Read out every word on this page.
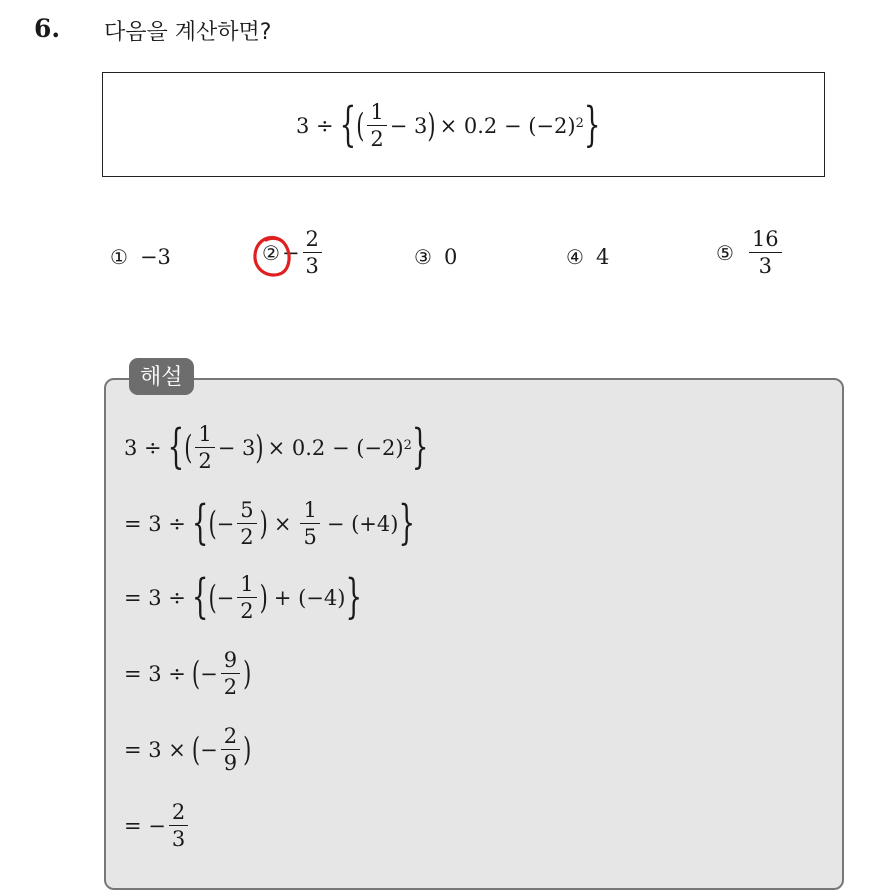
6. 다음을 계산하면?
3 ÷ { ( $\frac{1}{2} - 3$ ) × $0.2 - (-2)^2$ }
① −3	② − $\frac{2}{3}$	③ 0	④ 4	⑤ $\frac{16}{3}$
해설
3 ÷ { ( $\frac{1}{2} - 3$ ) × $0.2 - (-2)^2$ }
= 3 ÷ { ( − $\frac{5}{2}$ ) × $\frac{1}{5} - (+4)$ }
= 3 ÷ { ( − $\frac{1}{2}$ ) + (−4) }
= 3 ÷ ( − $\frac{9}{2}$ )
= 3 × ( − $\frac{2}{9}$ )
= − $\frac{2}{3}$
